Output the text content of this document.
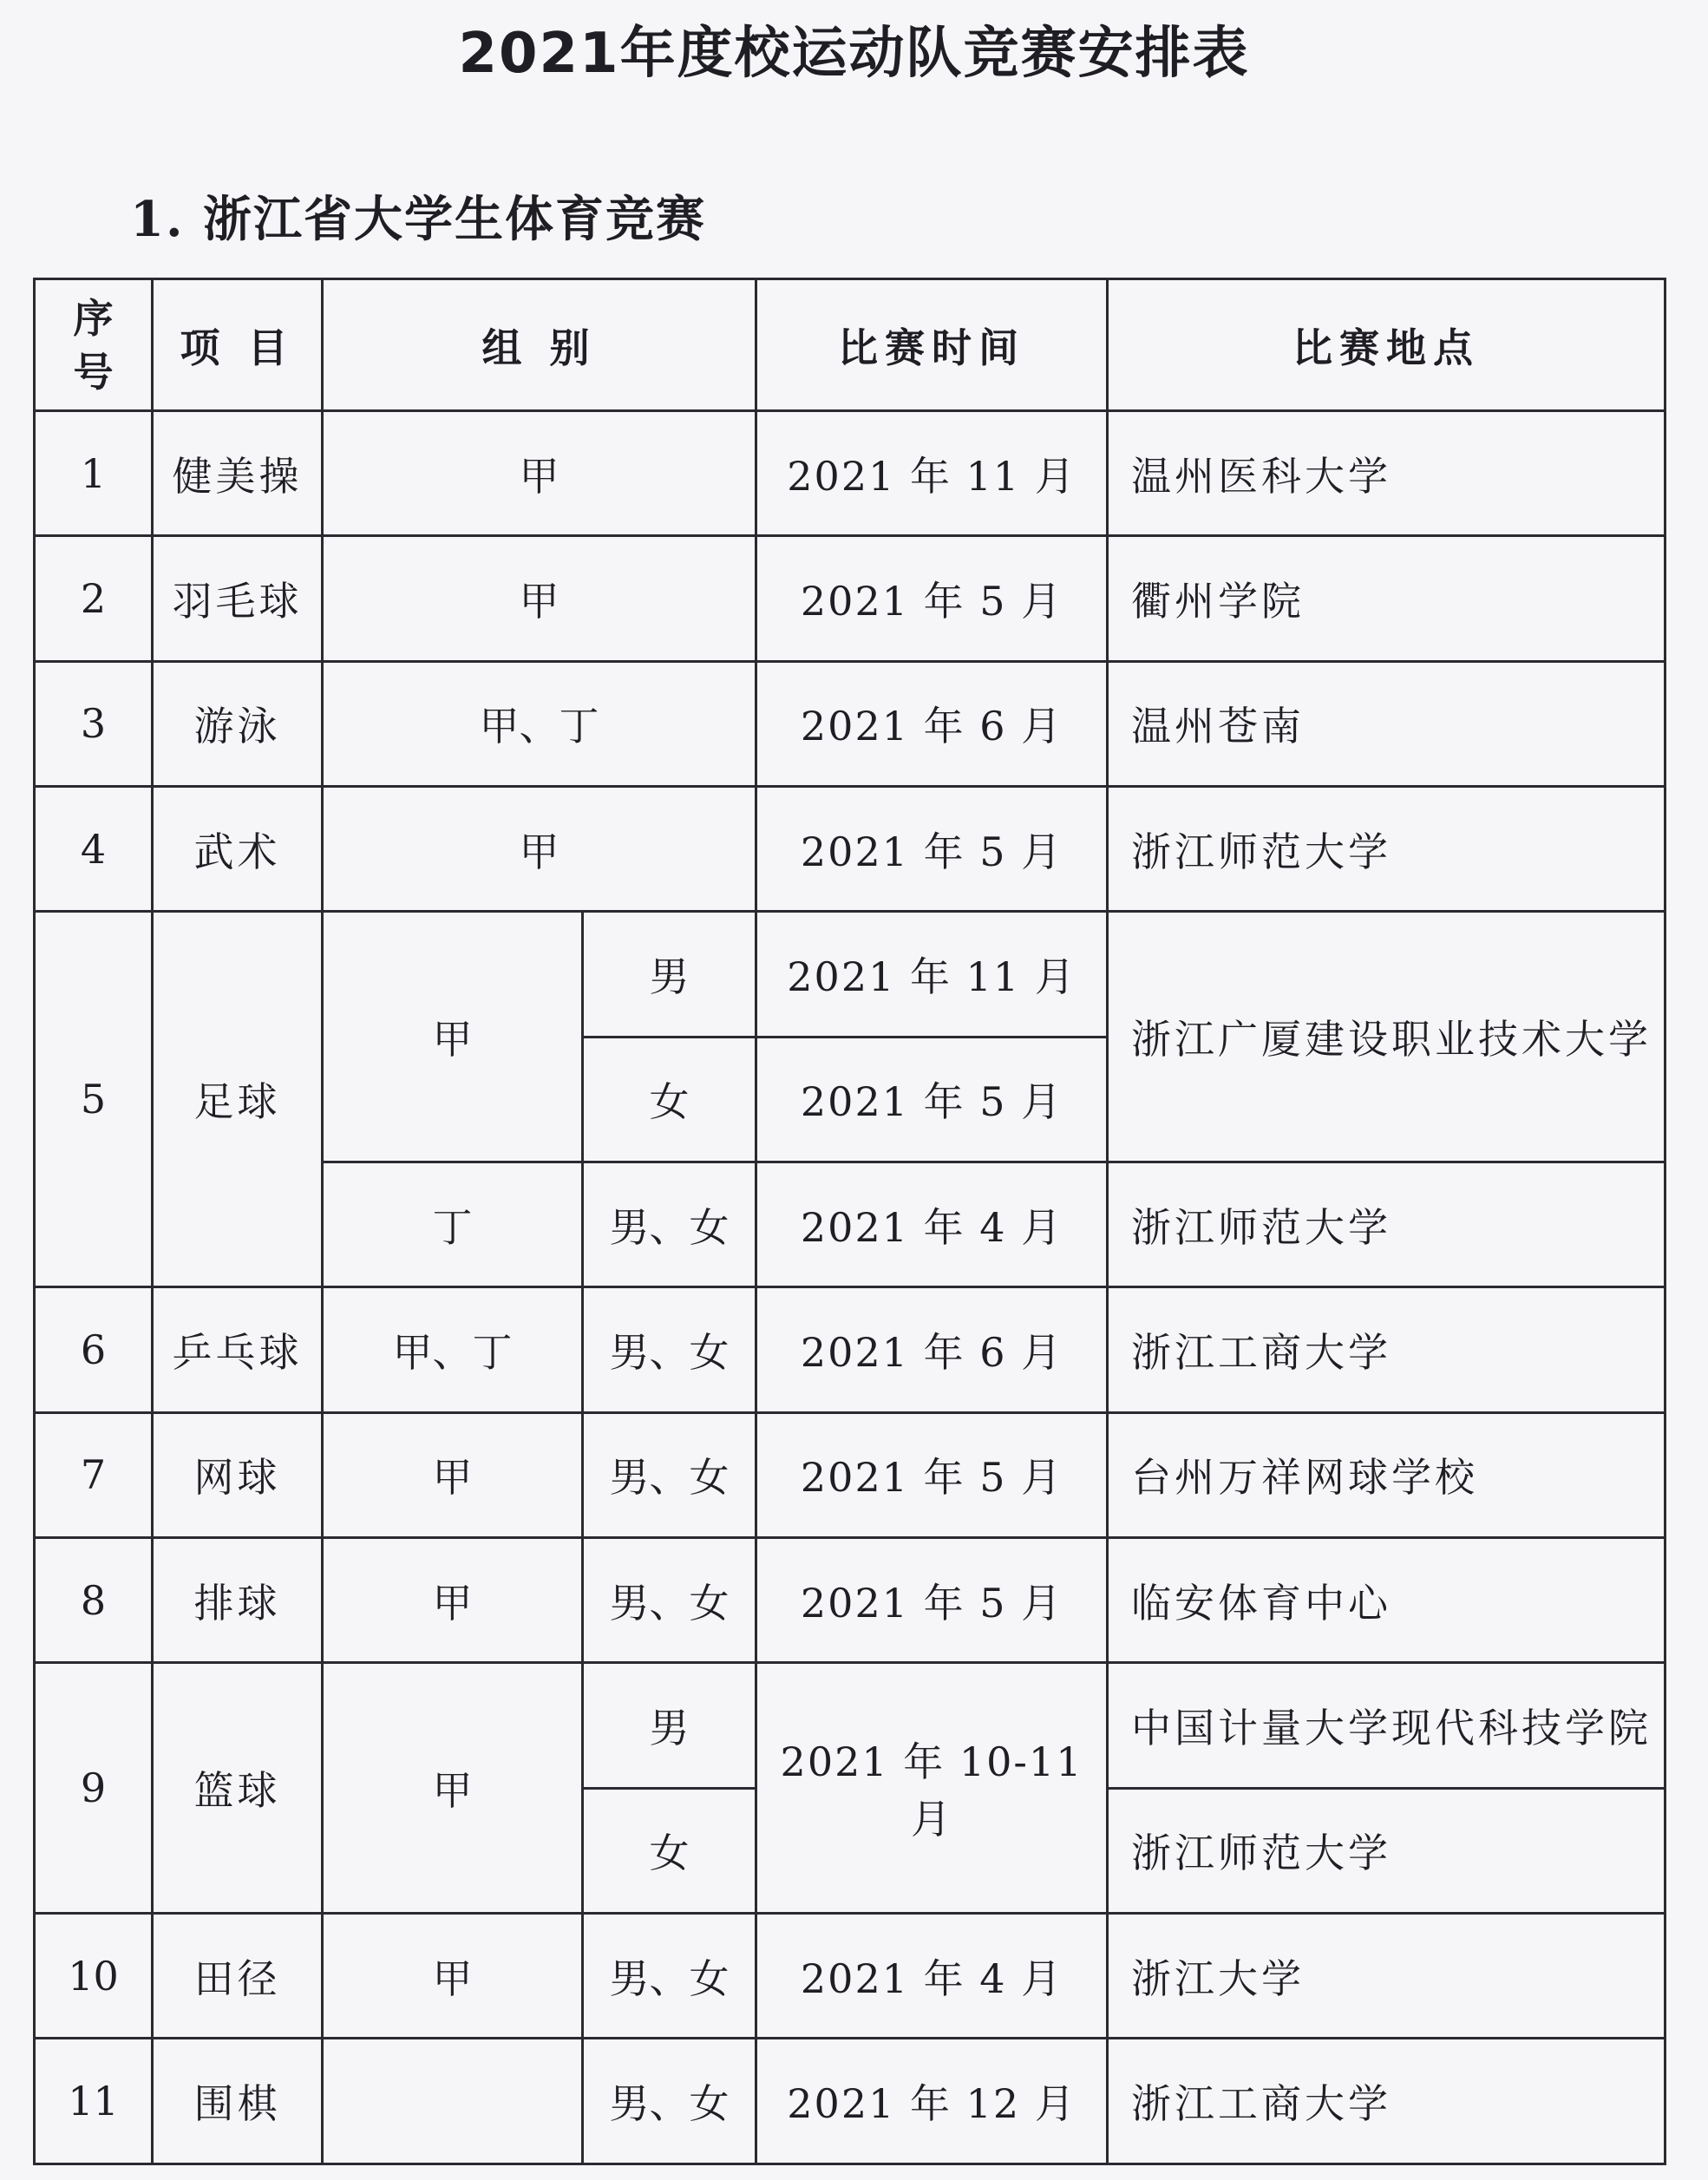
2021年度校运动队竞赛安排表
1. 浙江省大学生体育竞赛
序
号	项 目	组 别		比赛时间	比赛地点
1	健美操	甲		2021 年 11 月	温州医科大学
2	羽毛球	甲		2021 年 5 月	衢州学院
3	游泳	甲、丁		2021 年 6 月	温州苍南
4	武术	甲		2021 年 5 月	浙江师范大学
5	足球	甲	男	2021 年 11 月	浙江广厦建设职业技术大学
			女	2021 年 5 月	
		丁	男、女	2021 年 4 月	浙江师范大学
6	乒乓球	甲、丁	男、女	2021 年 6 月	浙江工商大学
7	网球	甲	男、女	2021 年 5 月	台州万祥网球学校
8	排球	甲	男、女	2021 年 5 月	临安体育中心
9	篮球	甲	男	2021 年 10-11 月	中国计量大学现代科技学院
			女		浙江师范大学
10	田径	甲	男、女	2021 年 4 月	浙江大学
11	围棋		男、女	2021 年 12 月	浙江工商大学
